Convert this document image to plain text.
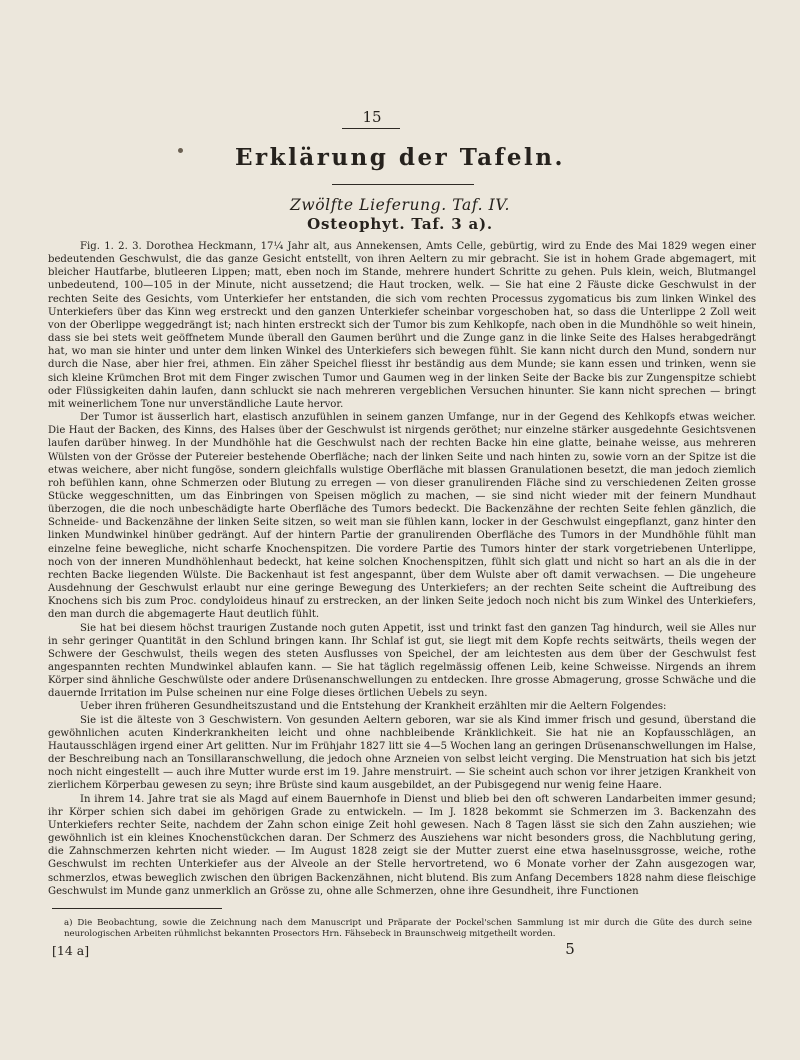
15
Erklärung der Tafeln.
Zwölfte Lieferung. Taf. IV.
Osteophyt. Taf. 3 a).

Fig. 1. 2. 3. Dorothea Heckmann, 17¼ Jahr alt, aus Annekensen, Amts Celle, gebürtig, wird zu Ende des Mai 1829 wegen einer bedeutenden Geschwulst, die das ganze Gesicht entstellt, von ihren Aeltern zu mir gebracht. Sie ist in hohem Grade abgemagert, mit bleicher Hautfarbe, blutleeren Lippen; matt, eben noch im Stande, mehrere hundert Schritte zu gehen. Puls klein, weich, Blutmangel unbedeutend, 100—105 in der Minute, nicht aussetzend; die Haut trocken, welk. — Sie hat eine 2 Fäuste dicke Geschwulst in der rechten Seite des Gesichts, vom Unterkiefer her entstanden, die sich vom rechten Processus zygomaticus bis zum linken Winkel des Unterkiefers über das Kinn weg erstreckt und den ganzen Unterkiefer scheinbar vorgeschoben hat, so dass die Unterlippe 2 Zoll weit von der Oberlippe weggedrängt ist; nach hinten erstreckt sich der Tumor bis zum Kehlkopfe, nach oben in die Mundhöhle so weit hinein, dass sie bei stets weit geöffnetem Munde überall den Gaumen berührt und die Zunge ganz in die linke Seite des Halses herabgedrängt hat, wo man sie hinter und unter dem linken Winkel des Unterkiefers sich bewegen fühlt. Sie kann nicht durch den Mund, sondern nur durch die Nase, aber hier frei, athmen. Ein zäher Speichel fliesst ihr beständig aus dem Munde; sie kann essen und trinken, wenn sie sich kleine Krümchen Brot mit dem Finger zwischen Tumor und Gaumen weg in der linken Seite der Backe bis zur Zungenspitze schiebt oder Flüssigkeiten dahin laufen, dann schluckt sie nach mehreren vergeblichen Versuchen hinunter. Sie kann nicht sprechen — bringt mit weinerlichem Tone nur unverständliche Laute hervor.

Der Tumor ist äusserlich hart, elastisch anzufühlen in seinem ganzen Umfange, nur in der Gegend des Kehlkopfs etwas weicher. Die Haut der Backen, des Kinns, des Halses über der Geschwulst ist nirgends geröthet; nur einzelne stärker ausgedehnte Gesichtsvenen laufen darüber hinweg. In der Mundhöhle hat die Geschwulst nach der rechten Backe hin eine glatte, beinahe weisse, aus mehreren Wülsten von der Grösse der Putereier bestehende Oberfläche; nach der linken Seite und nach hinten zu, sowie vorn an der Spitze ist die etwas weichere, aber nicht fungöse, sondern gleichfalls wulstige Oberfläche mit blassen Granulationen besetzt, die man jedoch ziemlich roh befühlen kann, ohne Schmerzen oder Blutung zu erregen — von dieser granulirenden Fläche sind zu verschiedenen Zeiten grosse Stücke weggeschnitten, um das Einbringen von Speisen möglich zu machen, — sie sind nicht wieder mit der feinern Mundhaut überzogen, die die noch unbeschädigte harte Oberfläche des Tumors bedeckt. Die Backenzähne der rechten Seite fehlen gänzlich, die Schneide- und Backenzähne der linken Seite sitzen, so weit man sie fühlen kann, locker in der Geschwulst eingepflanzt, ganz hinter den linken Mundwinkel hinüber gedrängt. Auf der hintern Partie der granulirenden Oberfläche des Tumors in der Mundhöhle fühlt man einzelne feine bewegliche, nicht scharfe Knochenspitzen. Die vordere Partie des Tumors hinter der stark vorgetriebenen Unterlippe, noch von der inneren Mundhöhlenhaut bedeckt, hat keine solchen Knochenspitzen, fühlt sich glatt und nicht so hart an als die in der rechten Backe liegenden Wülste. Die Backenhaut ist fest angespannt, über dem Wulste aber oft damit verwachsen. — Die ungeheure Ausdehnung der Geschwulst erlaubt nur eine geringe Bewegung des Unterkiefers; an der rechten Seite scheint die Auftreibung des Knochens sich bis zum Proc. condyloideus hinauf zu erstrecken, an der linken Seite jedoch noch nicht bis zum Winkel des Unterkiefers, den man durch die abgemagerte Haut deutlich fühlt.

Sie hat bei diesem höchst traurigen Zustande noch guten Appetit, isst und trinkt fast den ganzen Tag hindurch, weil sie Alles nur in sehr geringer Quantität in den Schlund bringen kann. Ihr Schlaf ist gut, sie liegt mit dem Kopfe rechts seitwärts, theils wegen der Schwere der Geschwulst, theils wegen des steten Ausflusses von Speichel, der am leichtesten aus dem über der Geschwulst fest angespannten rechten Mundwinkel ablaufen kann. — Sie hat täglich regelmässig offenen Leib, keine Schweisse. Nirgends an ihrem Körper sind ähnliche Geschwülste oder andere Drüsenanschwellungen zu entdecken. Ihre grosse Abmagerung, grosse Schwäche und die dauernde Irritation im Pulse scheinen nur eine Folge dieses örtlichen Uebels zu seyn.

Ueber ihren früheren Gesundheitszustand und die Entstehung der Krankheit erzählten mir die Aeltern Folgendes:

Sie ist die älteste von 3 Geschwistern. Von gesunden Aeltern geboren, war sie als Kind immer frisch und gesund, überstand die gewöhnlichen acuten Kinderkrankheiten leicht und ohne nachbleibende Kränklichkeit. Sie hat nie an Kopfausschlägen, an Hautausschlägen irgend einer Art gelitten. Nur im Frühjahr 1827 litt sie 4—5 Wochen lang an geringen Drüsenanschwellungen im Halse, der Beschreibung nach an Tonsillaranschwellung, die jedoch ohne Arzneien von selbst leicht verging. Die Menstruation hat sich bis jetzt noch nicht eingestellt — auch ihre Mutter wurde erst im 19. Jahre menstruirt. — Sie scheint auch schon vor ihrer jetzigen Krankheit von zierlichem Körperbau gewesen zu seyn; ihre Brüste sind kaum ausgebildet, an der Pubisgegend nur wenig feine Haare.

In ihrem 14. Jahre trat sie als Magd auf einem Bauernhofe in Dienst und blieb bei den oft schweren Landarbeiten immer gesund; ihr Körper schien sich dabei im gehörigen Grade zu entwickeln. — Im J. 1828 bekommt sie Schmerzen im 3. Backenzahn des Unterkiefers rechter Seite, nachdem der Zahn schon einige Zeit hohl gewesen. Nach 8 Tagen lässt sie sich den Zahn ausziehen; wie gewöhnlich ist ein kleines Knochenstückchen daran. Der Schmerz des Ausziehens war nicht besonders gross, die Nachblutung gering, die Zahnschmerzen kehrten nicht wieder. — Im August 1828 zeigt sie der Mutter zuerst eine etwa haselnussgrosse, weiche, rothe Geschwulst im rechten Unterkiefer aus der Alveole an der Stelle hervortretend, wo 6 Monate vorher der Zahn ausgezogen war, schmerzlos, etwas beweglich zwischen den übrigen Backenzähnen, nicht blutend. Bis zum Anfang Decembers 1828 nahm diese fleischige Geschwulst im Munde ganz unmerklich an Grösse zu, ohne alle Schmerzen, ohne ihre Gesundheit, ihre Functionen

a) Die Beobachtung, sowie die Zeichnung nach dem Manuscript und Präparate der Pockel'schen Sammlung ist mir durch die Güte des durch seine neurologischen Arbeiten rühmlichst bekannten Prosectors Hrn. Fähsebeck in Braunschweig mitgetheilt worden.
[14 a]	5
